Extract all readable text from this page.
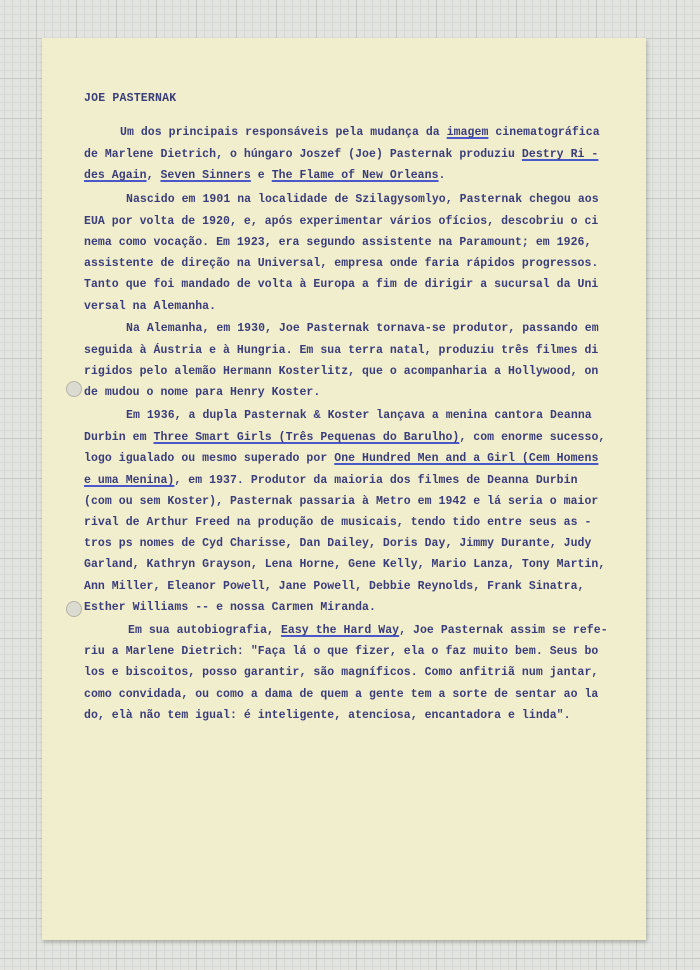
JOE PASTERNAK
Um dos principais responsáveis pela mudança da imagem cinematográfica
de Marlene Dietrich, o húngaro Joszef (Joe) Pasternak produziu Destry Ri -
des Again, Seven Sinners e The Flame of New Orleans.
Nascido em 1901 na localidade de Szilagysomlyo, Pasternak chegou aos
EUA por volta de 1920, e, após experimentar vários ofícios, descobriu o ci
nema como vocação. Em 1923, era segundo assistente na Paramount; em 1926,
assistente de direção na Universal, empresa onde faria rápidos progressos.
Tanto que foi mandado de volta à Europa a fim de dirigir a sucursal da Uni
versal na Alemanha.
Na Alemanha, em 1930, Joe Pasternak tornava-se produtor, passando em
seguida à Áustria e à Hungria. Em sua terra natal, produziu três filmes di
rigidos pelo alemão Hermann Kosterlitz, que o acompanharia a Hollywood, on
de mudou o nome para Henry Koster.
Em 1936, a dupla Pasternak & Koster lançava a menina cantora Deanna
Durbin em Three Smart Girls (Três Pequenas do Barulho), com enorme sucesso,
logo igualado ou mesmo superado por One Hundred Men and a Girl (Cem Homens
e uma Menina), em 1937. Produtor da maioria dos filmes de Deanna Durbin
(com ou sem Koster), Pasternak passaria à Metro em 1942 e lá seria o maior
rival de Arthur Freed na produção de musicais, tendo tido entre seus as -
tros ps nomes de Cyd Charisse, Dan Dailey, Doris Day, Jimmy Durante, Judy
Garland, Kathryn Grayson, Lena Horne, Gene Kelly, Mario Lanza, Tony Martin,
Ann Miller, Eleanor Powell, Jane Powell, Debbie Reynolds, Frank Sinatra,
Esther Williams -- e nossa Carmen Miranda.
Em sua autobiografia, Easy the Hard Way, Joe Pasternak assim se refe-
riu a Marlene Dietrich: "Faça lá o que fizer, ela o faz muito bem. Seus bo
los e biscoitos, posso garantir, são magníficos. Como anfitriã num jantar,
como convidada, ou como a dama de quem a gente tem a sorte de sentar ao la
do, elà não tem igual: é inteligente, atenciosa, encantadora e linda".
